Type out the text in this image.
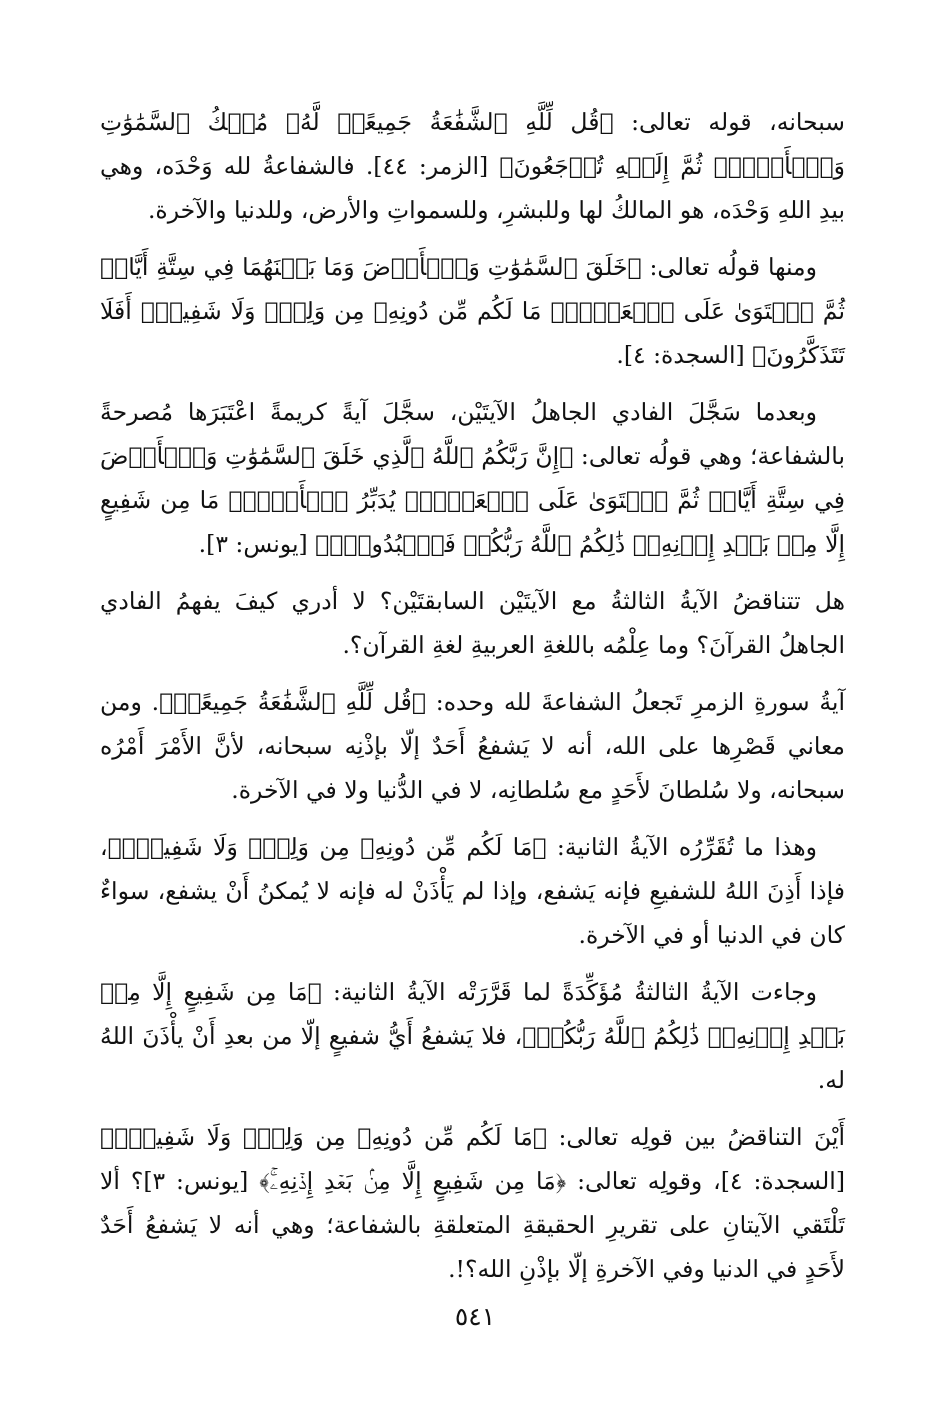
سبحانه، قوله تعالى: ﴿قُل لِّلَّهِ ٱلشَّفَٰعَةُ جَمِيعًاۖ لَّهُۥ مُلۡكُ ٱلسَّمَٰوَٰتِ وَٱلۡأَرۡضِۖ ثُمَّ إِلَيۡهِ تُرۡجَعُونَ﴾ [الزمر: ٤٤]. فالشفاعةُ لله وَحْدَه، وهي بيدِ اللهِ وَحْدَه، هو المالكُ لها وللبشرِ، وللسمواتِ والأرض، وللدنيا والآخرة.

ومنها قولُه تعالى: ﴿خَلَقَ ٱلسَّمَٰوَٰتِ وَٱلۡأَرۡضَ وَمَا بَيۡنَهُمَا فِي سِتَّةِ أَيَّامٖ ثُمَّ ٱسۡتَوَىٰ عَلَى ٱلۡعَرۡشِۖ مَا لَكُم مِّن دُونِهِۦ مِن وَلِيّٖ وَلَا شَفِيعٍۚ أَفَلَا تَتَذَكَّرُونَ﴾ [السجدة: ٤].

وبعدما سَجَّلَ الفادي الجاهلُ الآيتَيْن، سجَّلَ آيةً كريمةً اعْتَبَرَها مُصرحةً بالشفاعة؛ وهي قولُه تعالى: ﴿إِنَّ رَبَّكُمُ ٱللَّهُ ٱلَّذِي خَلَقَ ٱلسَّمَٰوَٰتِ وَٱلۡأَرۡضَ فِي سِتَّةِ أَيَّامٖ ثُمَّ ٱسۡتَوَىٰ عَلَى ٱلۡعَرۡشِۖ يُدَبِّرُ ٱلۡأَمۡرَۖ مَا مِن شَفِيعٍ إِلَّا مِنۢ بَعۡدِ إِذۡنِهِۦۚ ذَٰلِكُمُ ٱللَّهُ رَبُّكُمۡ فَٱعۡبُدُوهُۚ﴾ [يونس: ٣].

هل تتناقضُ الآيةُ الثالثةُ مع الآيتَيْن السابقتَيْن؟ لا أدري كيفَ يفهمُ الفادي الجاهلُ القرآنَ؟ وما عِلْمُه باللغةِ العربيةِ لغةِ القرآن؟.

آيةُ سورةِ الزمرِ تَجعلُ الشفاعةَ لله وحده: ﴿قُل لِّلَّهِ ٱلشَّفَٰعَةُ جَمِيعًاۖ﴾. ومن معاني قَصْرِها على الله، أنه لا يَشفعُ أَحَدٌ إلّا بإذْنِه سبحانه، لأنَّ الأَمْرَ أَمْرُه سبحانه، ولا سُلطانَ لأَحَدٍ مع سُلطانِه، لا في الدُّنيا ولا في الآخرة.

وهذا ما تُقَرِّرُه الآيةُ الثانية: ﴿مَا لَكُم مِّن دُونِهِۦ مِن وَلِيّٖ وَلَا شَفِيعٍۚ﴾، فإذا أَذِنَ اللهُ للشفيعِ فإنه يَشفع، وإذا لم يَأْذَنْ له فإنه لا يُمكنُ أَنْ يشفع، سواءٌ كان في الدنيا أو في الآخرة.

وجاءت الآيةُ الثالثةُ مُؤَكِّدَةً لما قَرَّرَتْه الآيةُ الثانية: ﴿مَا مِن شَفِيعٍ إِلَّا مِنۢ بَعۡدِ إِذۡنِهِۦۚ ذَٰلِكُمُ ٱللَّهُ رَبُّكُمۡ﴾، فلا يَشفعُ أَيُّ شفيعٍ إلّا من بعدِ أَنْ يأْذَنَ اللهُ له.

أَيْنَ التناقضُ بين قولِه تعالى: ﴿مَا لَكُم مِّن دُونِهِۦ مِن وَلِيّٖ وَلَا شَفِيعٍۚ﴾ [السجدة: ٤]، وقولِه تعالى: ﴿مَا مِن شَفِيعٍ إِلَّا مِنۢ بَعۡدِ إِذۡنِهِۦۚ﴾ [يونس: ٣]؟ ألا تَلْتَقي الآيتانِ على تقريرِ الحقيقةِ المتعلقةِ بالشفاعة؛ وهي أنه لا يَشفعُ أَحَدٌ لأَحَدٍ في الدنيا وفي الآخرةِ إلّا بإذْنِ الله؟!.

٥٤١
